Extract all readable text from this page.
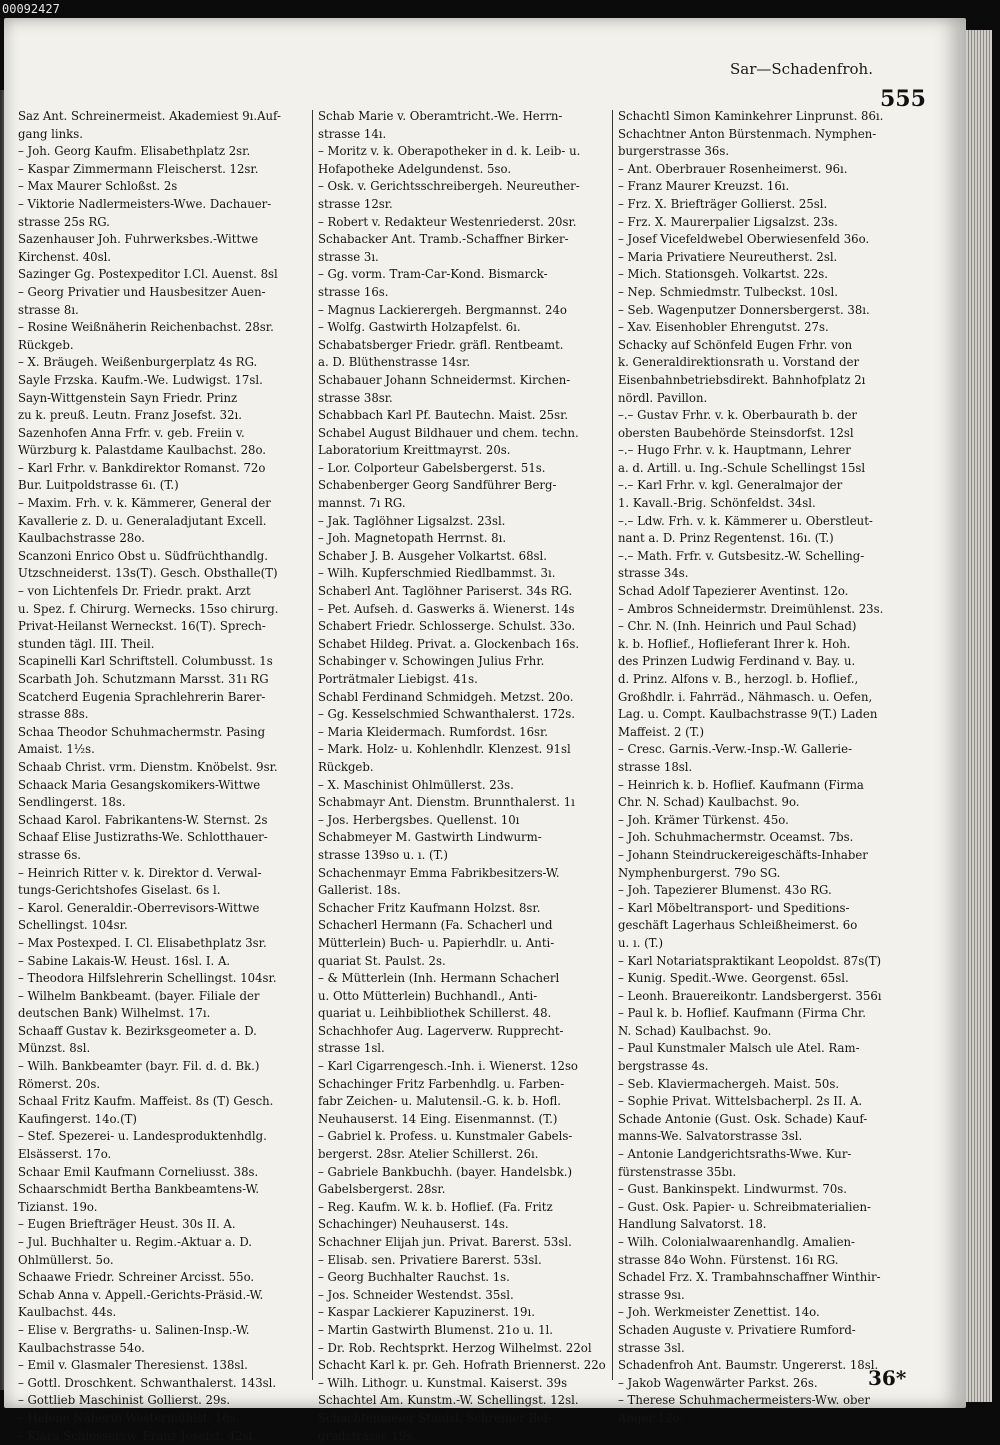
00092427
Sar—Schadenfroh.
555

Saz Ant. Schreinermeist. Akademiest 9ı.Auf-

gang links.

– Joh. Georg Kaufm. Elisabethplatz 2sr.

– Kaspar Zimmermann Fleischerst. 12sr.

– Max Maurer Schloßst. 2s

– Viktorie Nadlermeisters-Wwe. Dachauer-

strasse 25s RG.

Sazenhauser Joh. Fuhrwerksbes.-Wittwe

Kirchenst. 40sl.

Sazinger Gg. Postexpeditor I.Cl. Auenst. 8sl

– Georg Privatier und Hausbesitzer Auen-

strasse 8ı.

– Rosine Weißnäherin Reichenbachst. 28sr.

Rückgeb.

– X. Bräugeh. Weißenburgerplatz 4s RG.

Sayle Frzska. Kaufm.-We. Ludwigst. 17sl.

Sayn-Wittgenstein Sayn Friedr. Prinz

zu k. preuß. Leutn. Franz Josefst. 32ı.

Sazenhofen Anna Frfr. v. geb. Freiin v.

Würzburg k. Palastdame Kaulbachst. 28o.

– Karl Frhr. v. Bankdirektor Romanst. 72o

Bur. Luitpoldstrasse 6ı. (T.)

– Maxim. Frh. v. k. Kämmerer, General der

Kavallerie z. D. u. Generaladjutant Excell.

Kaulbachstrasse 28o.

Scanzoni Enrico Obst u. Südfrüchthandlg.

Utzschneiderst. 13s(T). Gesch. Obsthalle(T)

– von Lichtenfels Dr. Friedr. prakt. Arzt

u. Spez. f. Chirurg. Wernecks. 15so chirurg.

Privat-Heilanst Werneckst. 16(T). Sprech-

stunden tägl. III. Theil.

Scapinelli Karl Schriftstell. Columbusst. 1s

Scarbath Joh. Schutzmann Marsst. 31ı RG

Scatcherd Eugenia Sprachlehrerin Barer-

strasse 88s.

Schaa Theodor Schuhmachermstr. Pasing

Amaist. 1½s.

Schaab Christ. vrm. Dienstm. Knöbelst. 9sr.

Schaack Maria Gesangskomikers-Wittwe

Sendlingerst. 18s.

Schaad Karol. Fabrikantens-W. Sternst. 2s

Schaaf Elise Justizraths-We. Schlotthauer-

strasse 6s.

– Heinrich Ritter v. k. Direktor d. Verwal-

tungs-Gerichtshofes Giselast. 6s l.

– Karol. Generaldir.-Oberrevisors-Wittwe

Schellingst. 104sr.

– Max Postexped. I. Cl. Elisabethplatz 3sr.

– Sabine Lakais-W. Heust. 16sl. I. A.

– Theodora Hilfslehrerin Schellingst. 104sr.

– Wilhelm Bankbeamt. (bayer. Filiale der

deutschen Bank) Wilhelmst. 17ı.

Schaaff Gustav k. Bezirksgeometer a. D.

Münzst. 8sl.

– Wilh. Bankbeamter (bayr. Fil. d. d. Bk.)

Römerst. 20s.

Schaal Fritz Kaufm. Maffeist. 8s (T) Gesch.

Kaufingerst. 14o.(T)

– Stef. Spezerei- u. Landesproduktenhdlg.

Elsässerst. 17o.

Schaar Emil Kaufmann Corneliusst. 38s.

Schaarschmidt Bertha Bankbeamtens-W.

Tizianst. 19o.

– Eugen Briefträger Heust. 30s II. A.

– Jul. Buchhalter u. Regim.-Aktuar a. D.

Ohlmüllerst. 5o.

Schaawe Friedr. Schreiner Arcisst. 55o.

Schab Anna v. Appell.-Gerichts-Präsid.-W.

Kaulbachst. 44s.

– Elise v. Bergraths- u. Salinen-Insp.-W.

Kaulbachstrasse 54o.

– Emil v. Glasmaler Theresienst. 138sl.

– Gottl. Droschkent. Schwanthalerst. 143sl.

– Gottlieb Maschinist Gollierst. 29s.

– Helene Näherin Westermühlst. 16s.

– Klara Schlossersw. Franz Josefst. 42sl.

Schab Marie v. Oberamtricht.-We. Herrn-

strasse 14ı.

– Moritz v. k. Oberapotheker in d. k. Leib- u.

Hofapotheke Adelgundenst. 5so.

– Osk. v. Gerichtsschreibergeh. Neureuther-

strasse 12sr.

– Robert v. Redakteur Westenriederst. 20sr.

Schabacker Ant. Tramb.-Schaffner Birker-

strasse 3ı.

– Gg. vorm. Tram-Car-Kond. Bismarck-

strasse 16s.

– Magnus Lackierergeh. Bergmannst. 24o

– Wolfg. Gastwirth Holzapfelst. 6ı.

Schabatsberger Friedr. gräfl. Rentbeamt.

a. D. Blüthenstrasse 14sr.

Schabauer Johann Schneidermst. Kirchen-

strasse 38sr.

Schabbach Karl Pf. Bautechn. Maist. 25sr.

Schabel August Bildhauer und chem. techn.

Laboratorium Kreittmayrst. 20s.

– Lor. Colporteur Gabelsbergerst. 51s.

Schabenberger Georg Sandführer Berg-

mannst. 7ı RG.

– Jak. Taglöhner Ligsalzst. 23sl.

– Joh. Magnetopath Herrnst. 8ı.

Schaber J. B. Ausgeher Volkartst. 68sl.

– Wilh. Kupferschmied Riedlbammst. 3ı.

Schaberl Ant. Taglöhner Pariserst. 34s RG.

– Pet. Aufseh. d. Gaswerks ä. Wienerst. 14s

Schabert Friedr. Schlosserge. Schulst. 33o.

Schabet Hildeg. Privat. a. Glockenbach 16s.

Schabinger v. Schowingen Julius Frhr.

Porträtmaler Liebigst. 41s.

Schabl Ferdinand Schmidgeh. Metzst. 20o.

– Gg. Kesselschmied Schwanthalerst. 172s.

– Maria Kleidermach. Rumfordst. 16sr.

– Mark. Holz- u. Kohlenhdlr. Klenzest. 91sl

Rückgeb.

– X. Maschinist Ohlmüllerst. 23s.

Schabmayr Ant. Dienstm. Brunnthalerst. 1ı

– Jos. Herbergsbes. Quellenst. 10ı

Schabmeyer M. Gastwirth Lindwurm-

strasse 139so u. ı. (T.)

Schachenmayr Emma Fabrikbesitzers-W.

Gallerist. 18s.

Schacher Fritz Kaufmann Holzst. 8sr.

Schacherl Hermann (Fa. Schacherl und

Mütterlein) Buch- u. Papierhdlr. u. Anti-

quariat St. Paulst. 2s.

– & Mütterlein (Inh. Hermann Schacherl

u. Otto Mütterlein) Buchhandl., Anti-

quariat u. Leihbibliothek Schillerst. 48.

Schachhofer Aug. Lagerverw. Rupprecht-

strasse 1sl.

– Karl Cigarrengesch.-Inh. i. Wienerst. 12so

Schachinger Fritz Farbenhdlg. u. Farben-

fabr Zeichen- u. Malutensil.-G. k. b. Hofl.

Neuhauserst. 14 Eing. Eisenmannst. (T.)

– Gabriel k. Profess. u. Kunstmaler Gabels-

bergerst. 28sr. Atelier Schillerst. 26ı.

– Gabriele Bankbuchh. (bayer. Handelsbk.)

Gabelsbergerst. 28sr.

– Reg. Kaufm. W. k. b. Hoflief. (Fa. Fritz

Schachinger) Neuhauserst. 14s.

Schachner Elijah jun. Privat. Barerst. 53sl.

– Elisab. sen. Privatiere Barerst. 53sl.

– Georg Buchhalter Rauchst. 1s.

– Jos. Schneider Westendst. 35sl.

– Kaspar Lackierer Kapuzinerst. 19ı.

– Martin Gastwirth Blumenst. 21o u. 1l.

– Dr. Rob. Rechtsprkt. Herzog Wilhelmst. 22ol

Schacht Karl k. pr. Geh. Hofrath Briennerst. 22o

– Wilh. Lithogr. u. Kunstmal. Kaiserst. 39s

Schachtel Am. Kunstm.-W. Schellingst. 12sl.

Schachtenmeier Stanisl. Schreiner Bel-

gradstrasse 19s.

Schachtl Simon Kaminkehrer Linprunst. 86ı.

Schachtner Anton Bürstenmach. Nymphen-

burgerstrasse 36s.

– Ant. Oberbrauer Rosenheimerst. 96ı.

– Franz Maurer Kreuzst. 16ı.

– Frz. X. Briefträger Gollierst. 25sl.

– Frz. X. Maurerpalier Ligsalzst. 23s.

– Josef Vicefeldwebel Oberwiesenfeld 36o.

– Maria Privatiere Neureutherst. 2sl.

– Mich. Stationsgeh. Volkartst. 22s.

– Nep. Schmiedmstr. Tulbeckst. 10sl.

– Seb. Wagenputzer Donnersbergerst. 38ı.

– Xav. Eisenhobler Ehrengutst. 27s.

Schacky auf Schönfeld Eugen Frhr. von

k. Generaldirektionsrath u. Vorstand der

Eisenbahnbetriebsdirekt. Bahnhofplatz 2ı

nördl. Pavillon.

–.– Gustav Frhr. v. k. Oberbaurath b. der

obersten Baubehörde Steinsdorfst. 12sl

–.– Hugo Frhr. v. k. Hauptmann, Lehrer

a. d. Artill. u. Ing.-Schule Schellingst 15sl

–.– Karl Frhr. v. kgl. Generalmajor der

1. Kavall.-Brig. Schönfeldst. 34sl.

–.– Ldw. Frh. v. k. Kämmerer u. Oberstleut-

nant a. D. Prinz Regentenst. 16ı. (T.)

–.– Math. Frfr. v. Gutsbesitz.-W. Schelling-

strasse 34s.

Schad Adolf Tapezierer Aventinst. 12o.

– Ambros Schneidermstr. Dreimühlenst. 23s.

– Chr. N. (Inh. Heinrich und Paul Schad)

k. b. Hoflief., Hoflieferant Ihrer k. Hoh.

des Prinzen Ludwig Ferdinand v. Bay. u.

d. Prinz. Alfons v. B., herzogl. b. Hoflief.,

Großhdlr. i. Fahrräd., Nähmasch. u. Oefen,

Lag. u. Compt. Kaulbachstrasse 9(T.) Laden

Maffeist. 2 (T.)

– Cresc. Garnis.-Verw.-Insp.-W. Gallerie-

strasse 18sl.

– Heinrich k. b. Hoflief. Kaufmann (Firma

Chr. N. Schad) Kaulbachst. 9o.

– Joh. Krämer Türkenst. 45o.

– Joh. Schuhmachermstr. Oceamst. 7bs.

– Johann Steindruckereigeschäfts-Inhaber

Nymphenburgerst. 79o SG.

– Joh. Tapezierer Blumenst. 43o RG.

– Karl Möbeltransport- und Speditions-

geschäft Lagerhaus Schleißheimerst. 6o

u. ı. (T.)

– Karl Notariatspraktikant Leopoldst. 87s(T)

– Kunig. Spedit.-Wwe. Georgenst. 65sl.

– Leonh. Brauereikontr. Landsbergerst. 356ı

– Paul k. b. Hoflief. Kaufmann (Firma Chr.

N. Schad) Kaulbachst. 9o.

– Paul Kunstmaler Malsch ule Atel. Ram-

bergstrasse 4s.

– Seb. Klaviermachergeh. Maist. 50s.

– Sophie Privat. Wittelsbacherpl. 2s II. A.

Schade Antonie (Gust. Osk. Schade) Kauf-

manns-We. Salvatorstrasse 3sl.

– Antonie Landgerichtsraths-Wwe. Kur-

fürstenstrasse 35bı.

– Gust. Bankinspekt. Lindwurmst. 70s.

– Gust. Osk. Papier- u. Schreibmaterialien-

Handlung Salvatorst. 18.

– Wilh. Colonialwaarenhandlg. Amalien-

strasse 84o Wohn. Fürstenst. 16ı RG.

Schadel Frz. X. Trambahnschaffner Winthir-

strasse 9sı.

– Joh. Werkmeister Zenettist. 14o.

Schaden Auguste v. Privatiere Rumford-

strasse 3sl.

Schadenfroh Ant. Baumstr. Ungererst. 18sl.

– Jakob Wagenwärter Parkst. 26s.

– Therese Schuhmachermeisters-Ww. ober

Anger 12o.

36*
